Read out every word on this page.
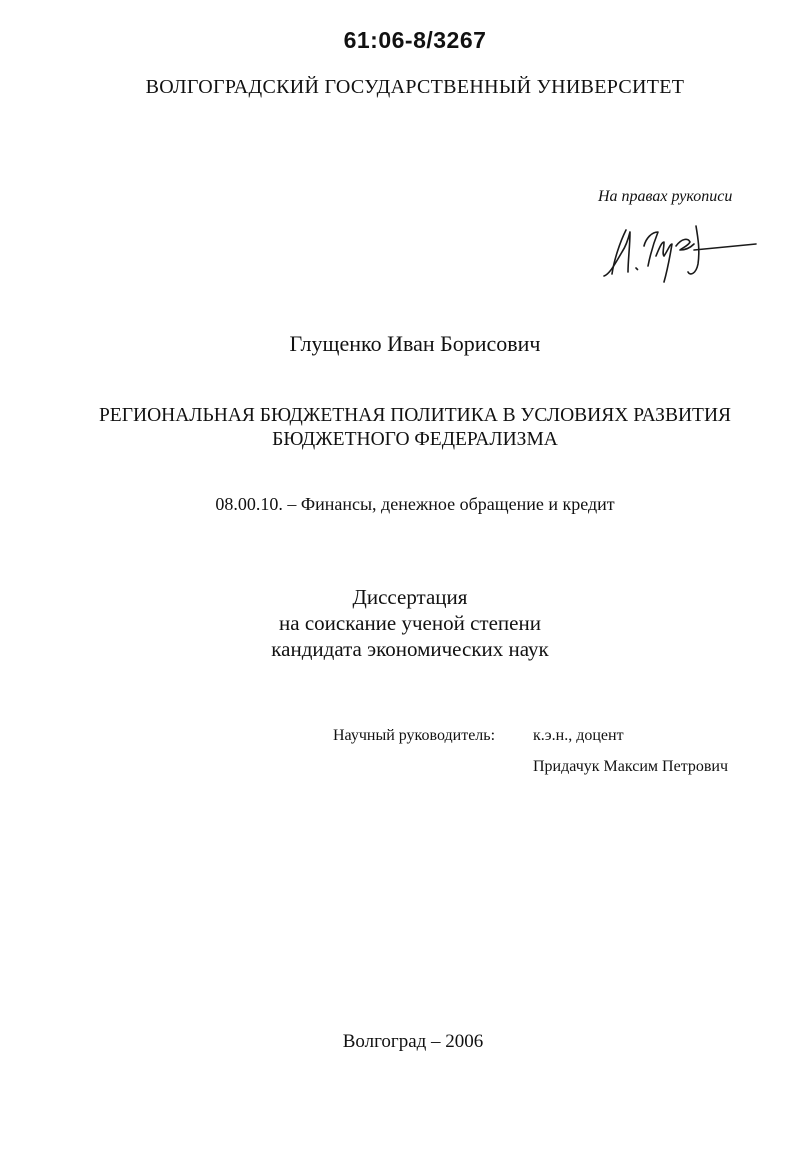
61:06-8/3267
ВОЛГОГРАДСКИЙ ГОСУДАРСТВЕННЫЙ УНИВЕРСИТЕТ
На правах рукописи
Глущенко Иван Борисович
РЕГИОНАЛЬНАЯ БЮДЖЕТНАЯ ПОЛИТИКА В УСЛОВИЯХ РАЗВИТИЯ
БЮДЖЕТНОГО ФЕДЕРАЛИЗМА
08.00.10. – Финансы, денежное обращение и кредит
Диссертация
на соискание ученой степени
кандидата экономических наук
Научный руководитель: к.э.н., доцент
Придачук Максим Петрович
Волгоград – 2006
